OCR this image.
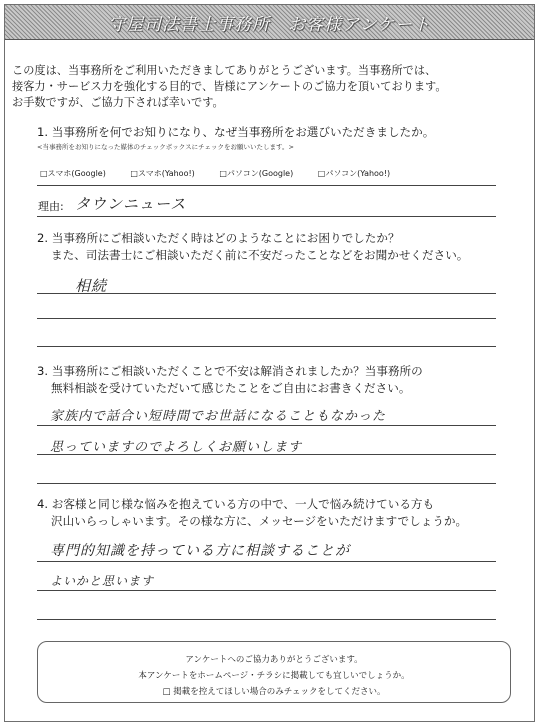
守屋司法書士事務所　お客様アンケート
この度は、当事務所をご利用いただきましてありがとうございます。当事務所では、
接客力・サービス力を強化する目的で、皆様にアンケートのご協力を頂いております。
お手数ですが、ご協力下されば幸いです。
1. 当事務所を何でお知りになり、なぜ当事務所をお選びいただきましたか。
<当事務所をお知りになった媒体のチェックボックスにチェックをお願いいたします。>
□スマホ(Google)	□スマホ(Yahoo!)	□パソコン(Google)	□パソコン(Yahoo!)
理由: タウンニュース
2. 当事務所にご相談いただく時はどのようなことにお困りでしたか？
また、司法書士にご相談いただく前に不安だったことなどをお聞かせください。
相続
3. 当事務所にご相談いただくことで不安は解消されましたか？当事務所の
無料相談を受けていただいて感じたことをご自由にお書きください。
家族内で話合い短時間でお世話になることもなかった
思っていますのでよろしくお願いします
4. お客様と同じ様な悩みを抱えている方の中で、一人で悩み続けている方も
沢山いらっしゃいます。その様な方に、メッセージをいただけますでしょうか。
専門的知識を持っている方に相談することが
よいかと思います
アンケートへのご協力ありがとうございます。
本アンケートをホームページ・チラシに掲載しても宜しいでしょうか。
□ 掲載を控えてほしい場合のみチェックをしてください。
